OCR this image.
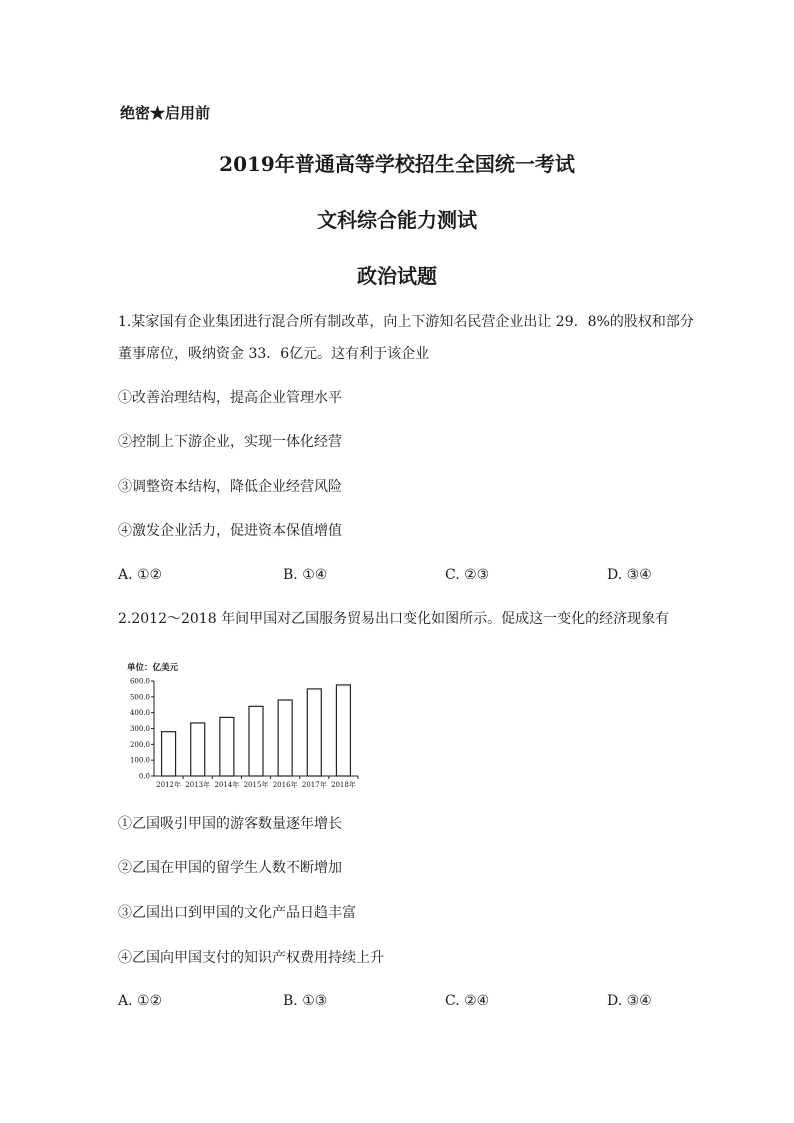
绝密★启用前
2019年普通高等学校招生全国统一考试
文科综合能力测试
政治试题
1.某家国有企业集团进行混合所有制改革，向上下游知名民营企业出让 29．8%的股权和部分
董事席位，吸纳资金 33．6亿元。这有利于该企业
①改善治理结构，提高企业管理水平
②控制上下游企业，实现一体化经营
③调整资本结构，降低企业经营风险
④激发企业活力，促进资本保值增值
A. ①②	B. ①④	C. ②③	D. ③④
2.2012～2018 年间甲国对乙国服务贸易出口变化如图所示。促成这一变化的经济现象有
单位：亿美元
0.0
100.0
200.0
300.0
400.0
500.0
600.0
2012年 2013年 2014年 2015年 2016年 2017年 2018年
①乙国吸引甲国的游客数量逐年增长
②乙国在甲国的留学生人数不断增加
③乙国出口到甲国的文化产品日趋丰富
④乙国向甲国支付的知识产权费用持续上升
A. ①②	B. ①③	C. ②④	D. ③④
